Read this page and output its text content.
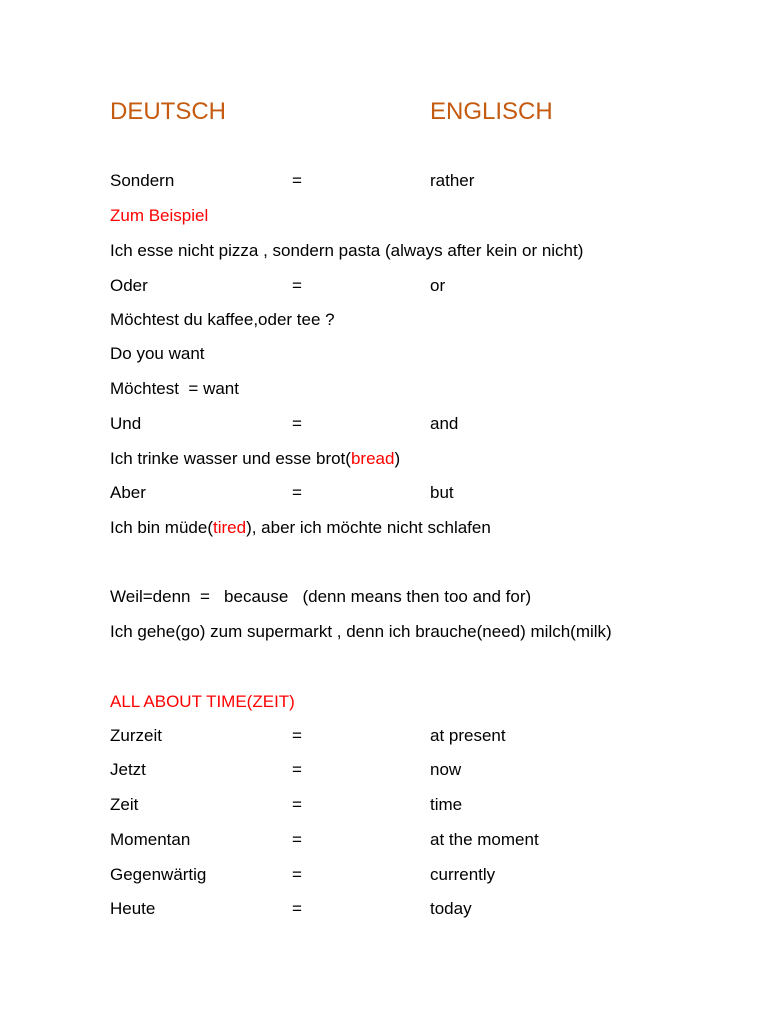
DEUTSCH	ENGLISCH
Sondern	=	rather
Zum Beispiel
Ich esse nicht pizza , sondern pasta (always after kein or nicht)
Oder	=	or
Möchtest du kaffee,oder tee ?
Do you want
Möchtest  = want
Und	=	and
Ich trinke wasser und esse brot(bread)
Aber	=	but
Ich bin müde(tired), aber ich möchte nicht schlafen
Weil=denn  =   because   (denn means then too and for)
Ich gehe(go) zum supermarkt , denn ich brauche(need) milch(milk)
ALL ABOUT TIME(ZEIT)
Zurzeit	=	at present
Jetzt	=	now
Zeit	=	time
Momentan	=	at the moment
Gegenwärtig	=	currently
Heute	=	today
